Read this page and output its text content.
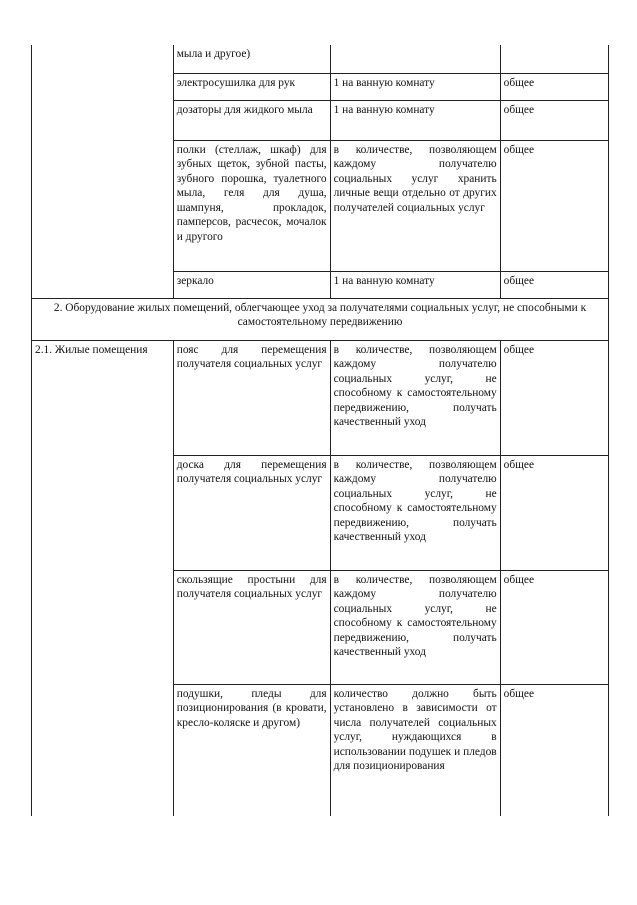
	мыла и другое)		
	электросушилка для рук	1 на ванную комнату	общее
	дозаторы для жидкого мыла	1 на ванную комнату	общее
	полки (стеллаж, шкаф) для зубных щеток, зубной пасты, зубного порошка, туалетного мыла, геля для душа, шампуня, прокладок, памперсов, расчесок, мочалок и другого	в количестве, позволяющем каждому получателю социальных услуг хранить личные вещи отдельно от других получателей социальных услуг	общее
	зеркало	1 на ванную комнату	общее
2. Оборудование жилых помещений, облегчающее уход за получателями социальных услуг, не способными к самостоятельному передвижению			
2.1. Жилые помещения	пояс для перемещения получателя социальных услуг	в количестве, позволяющем каждому получателю социальных услуг, не способному к самостоятельному передвижению, получать качественный уход	общее
	доска для перемещения получателя социальных услуг	в количестве, позволяющем каждому получателю социальных услуг, не способному к самостоятельному передвижению, получать качественный уход	общее
	скользящие простыни для получателя социальных услуг	в количестве, позволяющем каждому получателю социальных услуг, не способному к самостоятельному передвижению, получать качественный уход	общее
	подушки, пледы для позиционирования (в кровати, кресло-коляске и другом)	количество должно быть установлено в зависимости от числа получателей социальных услуг, нуждающихся в использовании подушек и пледов для позиционирования	общее
